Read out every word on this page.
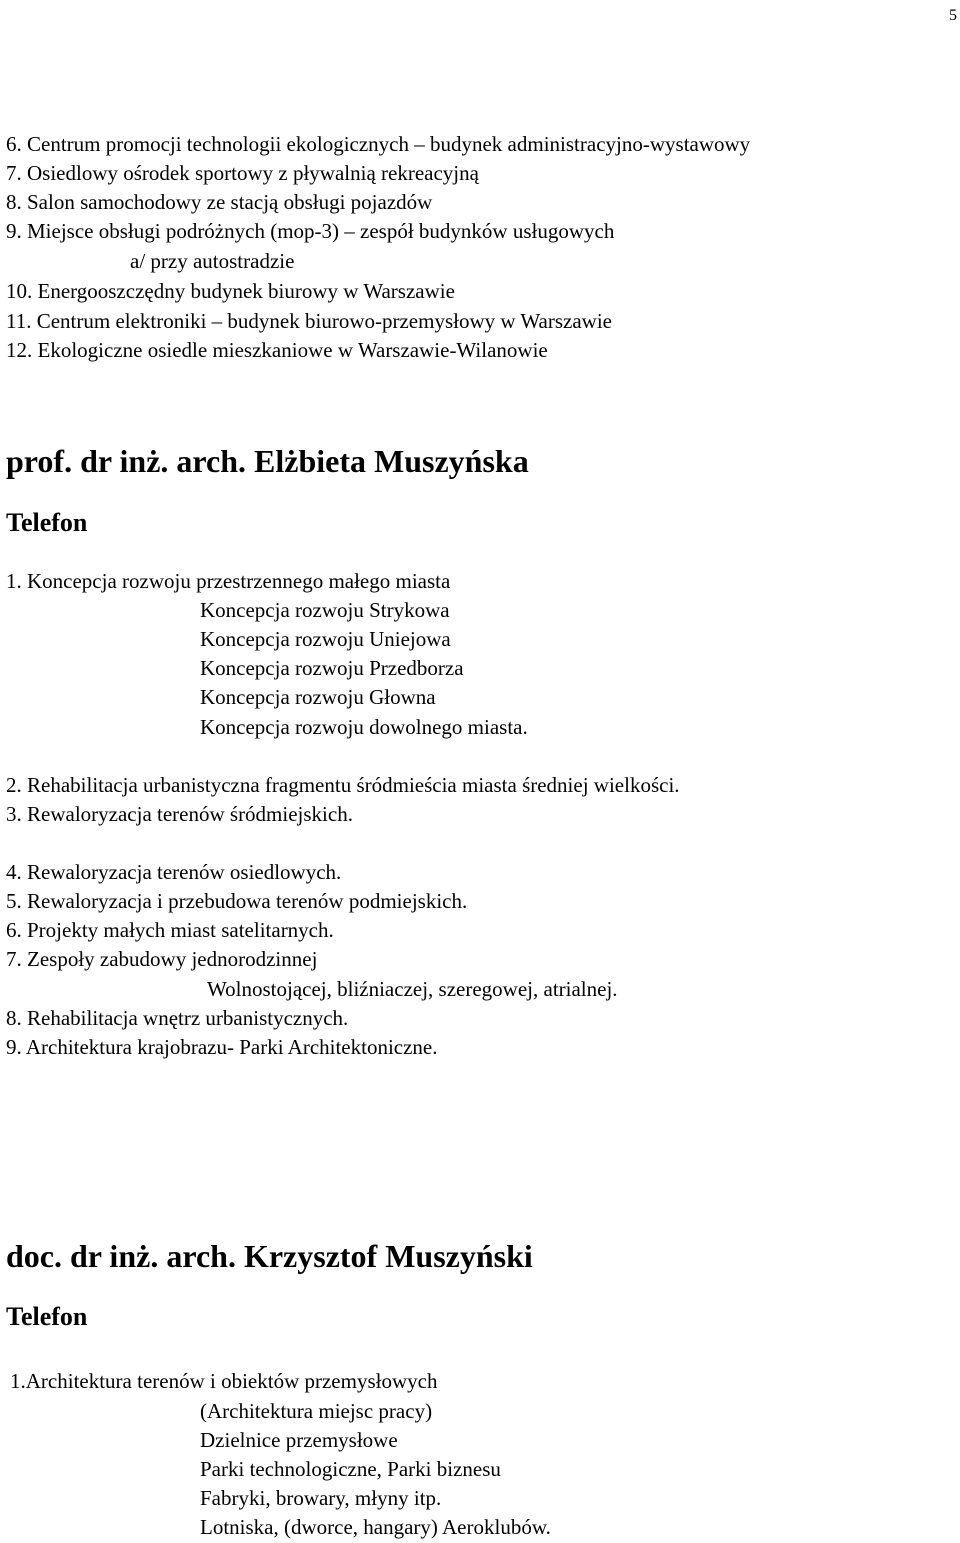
5
6. Centrum promocji technologii ekologicznych – budynek administracyjno-wystawowy
7. Osiedlowy ośrodek sportowy z pływalnią rekreacyjną
8. Salon samochodowy ze stacją obsługi pojazdów
9. Miejsce obsługi podróżnych (mop-3) – zespół budynków usługowych
a/ przy autostradzie
10. Energooszczędny budynek biurowy w Warszawie
11. Centrum elektroniki – budynek biurowo-przemysłowy w Warszawie
12. Ekologiczne osiedle mieszkaniowe w Warszawie-Wilanowie
prof. dr inż. arch. Elżbieta Muszyńska
Telefon
1. Koncepcja rozwoju przestrzennego małego miasta
Koncepcja rozwoju Strykowa
Koncepcja rozwoju Uniejowa
Koncepcja rozwoju Przedborza
Koncepcja rozwoju Głowna
Koncepcja rozwoju dowolnego miasta.
2. Rehabilitacja urbanistyczna fragmentu śródmieścia miasta średniej wielkości.
3. Rewaloryzacja terenów śródmiejskich.
4. Rewaloryzacja terenów osiedlowych.
5. Rewaloryzacja i przebudowa terenów podmiejskich.
6. Projekty małych miast satelitarnych.
7. Zespoły zabudowy jednorodzinnej
Wolnostojącej, bliźniaczej, szeregowej, atrialnej.
8. Rehabilitacja wnętrz urbanistycznych.
9. Architektura krajobrazu- Parki Architektoniczne.
doc. dr inż. arch. Krzysztof Muszyński
Telefon
1.Architektura terenów i obiektów przemysłowych
(Architektura miejsc pracy)
Dzielnice przemysłowe
Parki technologiczne, Parki biznesu
Fabryki, browary, młyny itp.
Lotniska, (dworce, hangary) Aeroklubów.
